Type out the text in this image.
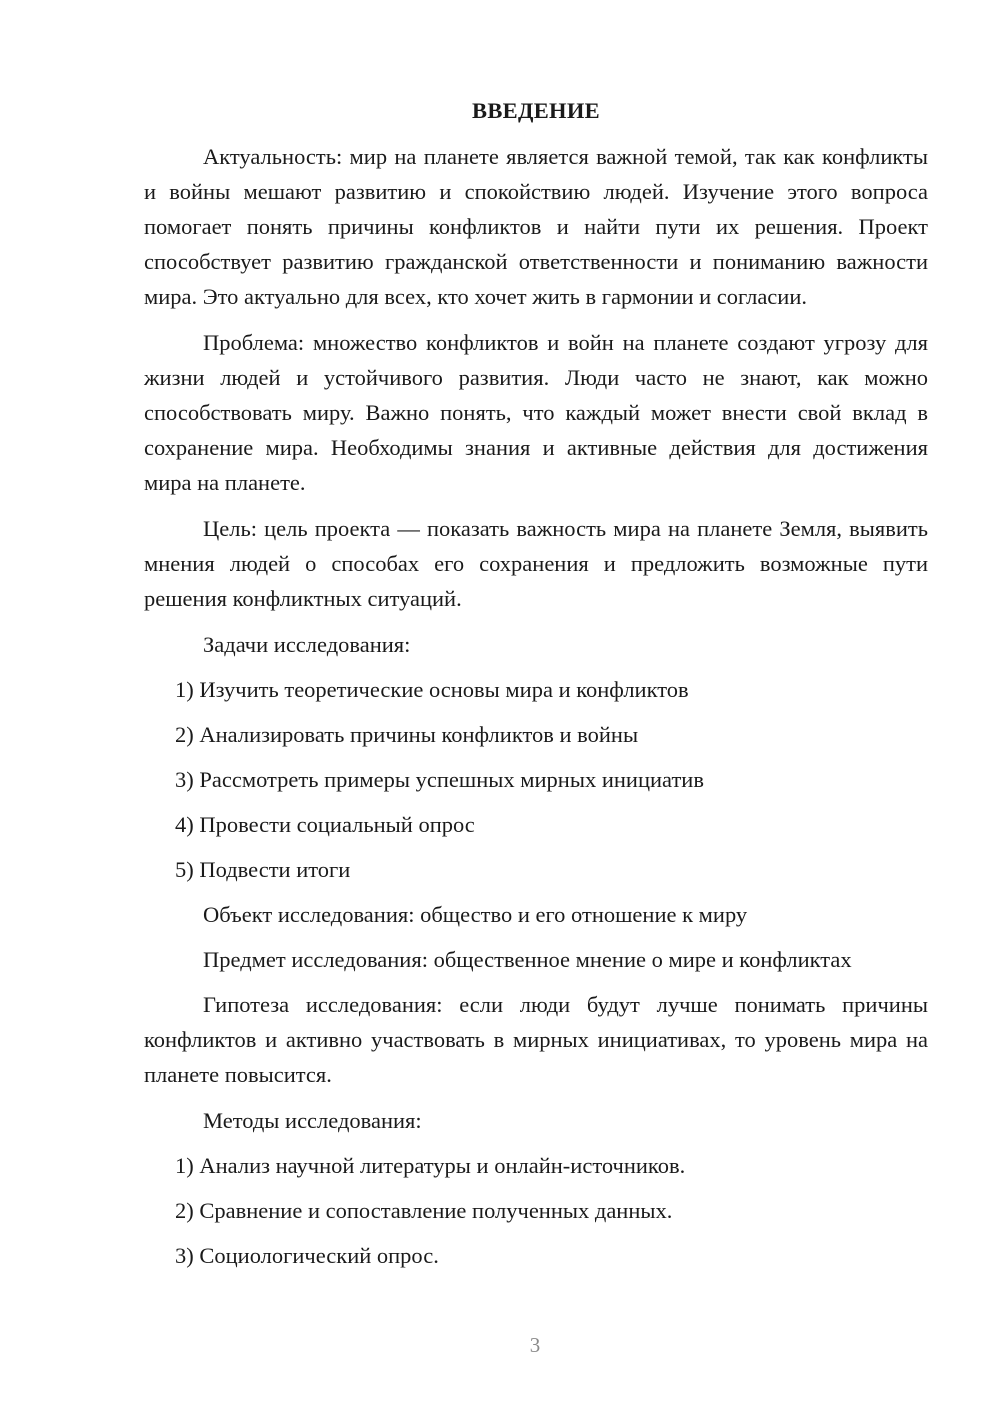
ВВЕДЕНИЕ

Актуальность: мир на планете является важной темой, так как конфликты и войны мешают развитию и спокойствию людей. Изучение этого вопроса помогает понять причины конфликтов и найти пути их решения. Проект способствует развитию гражданской ответственности и пониманию важности мира. Это актуально для всех, кто хочет жить в гармонии и согласии.

Проблема: множество конфликтов и войн на планете создают угрозу для жизни людей и устойчивого развития. Люди часто не знают, как можно способствовать миру. Важно понять, что каждый может внести свой вклад в сохранение мира. Необходимы знания и активные действия для достижения мира на планете.

Цель: цель проекта — показать важность мира на планете Земля, выявить мнения людей о способах его сохранения и предложить возможные пути решения конфликтных ситуаций.

Задачи исследования:

1) Изучить теоретические основы мира и конфликтов
2) Анализировать причины конфликтов и войны
3) Рассмотреть примеры успешных мирных инициатив
4) Провести социальный опрос
5) Подвести итоги

Объект исследования: общество и его отношение к миру

Предмет исследования: общественное мнение о мире и конфликтах

Гипотеза исследования: если люди будут лучше понимать причины конфликтов и активно участвовать в мирных инициативах, то уровень мира на планете повысится.

Методы исследования:

1) Анализ научной литературы и онлайн-источников.
2) Сравнение и сопоставление полученных данных.
3) Социологический опрос.
3
